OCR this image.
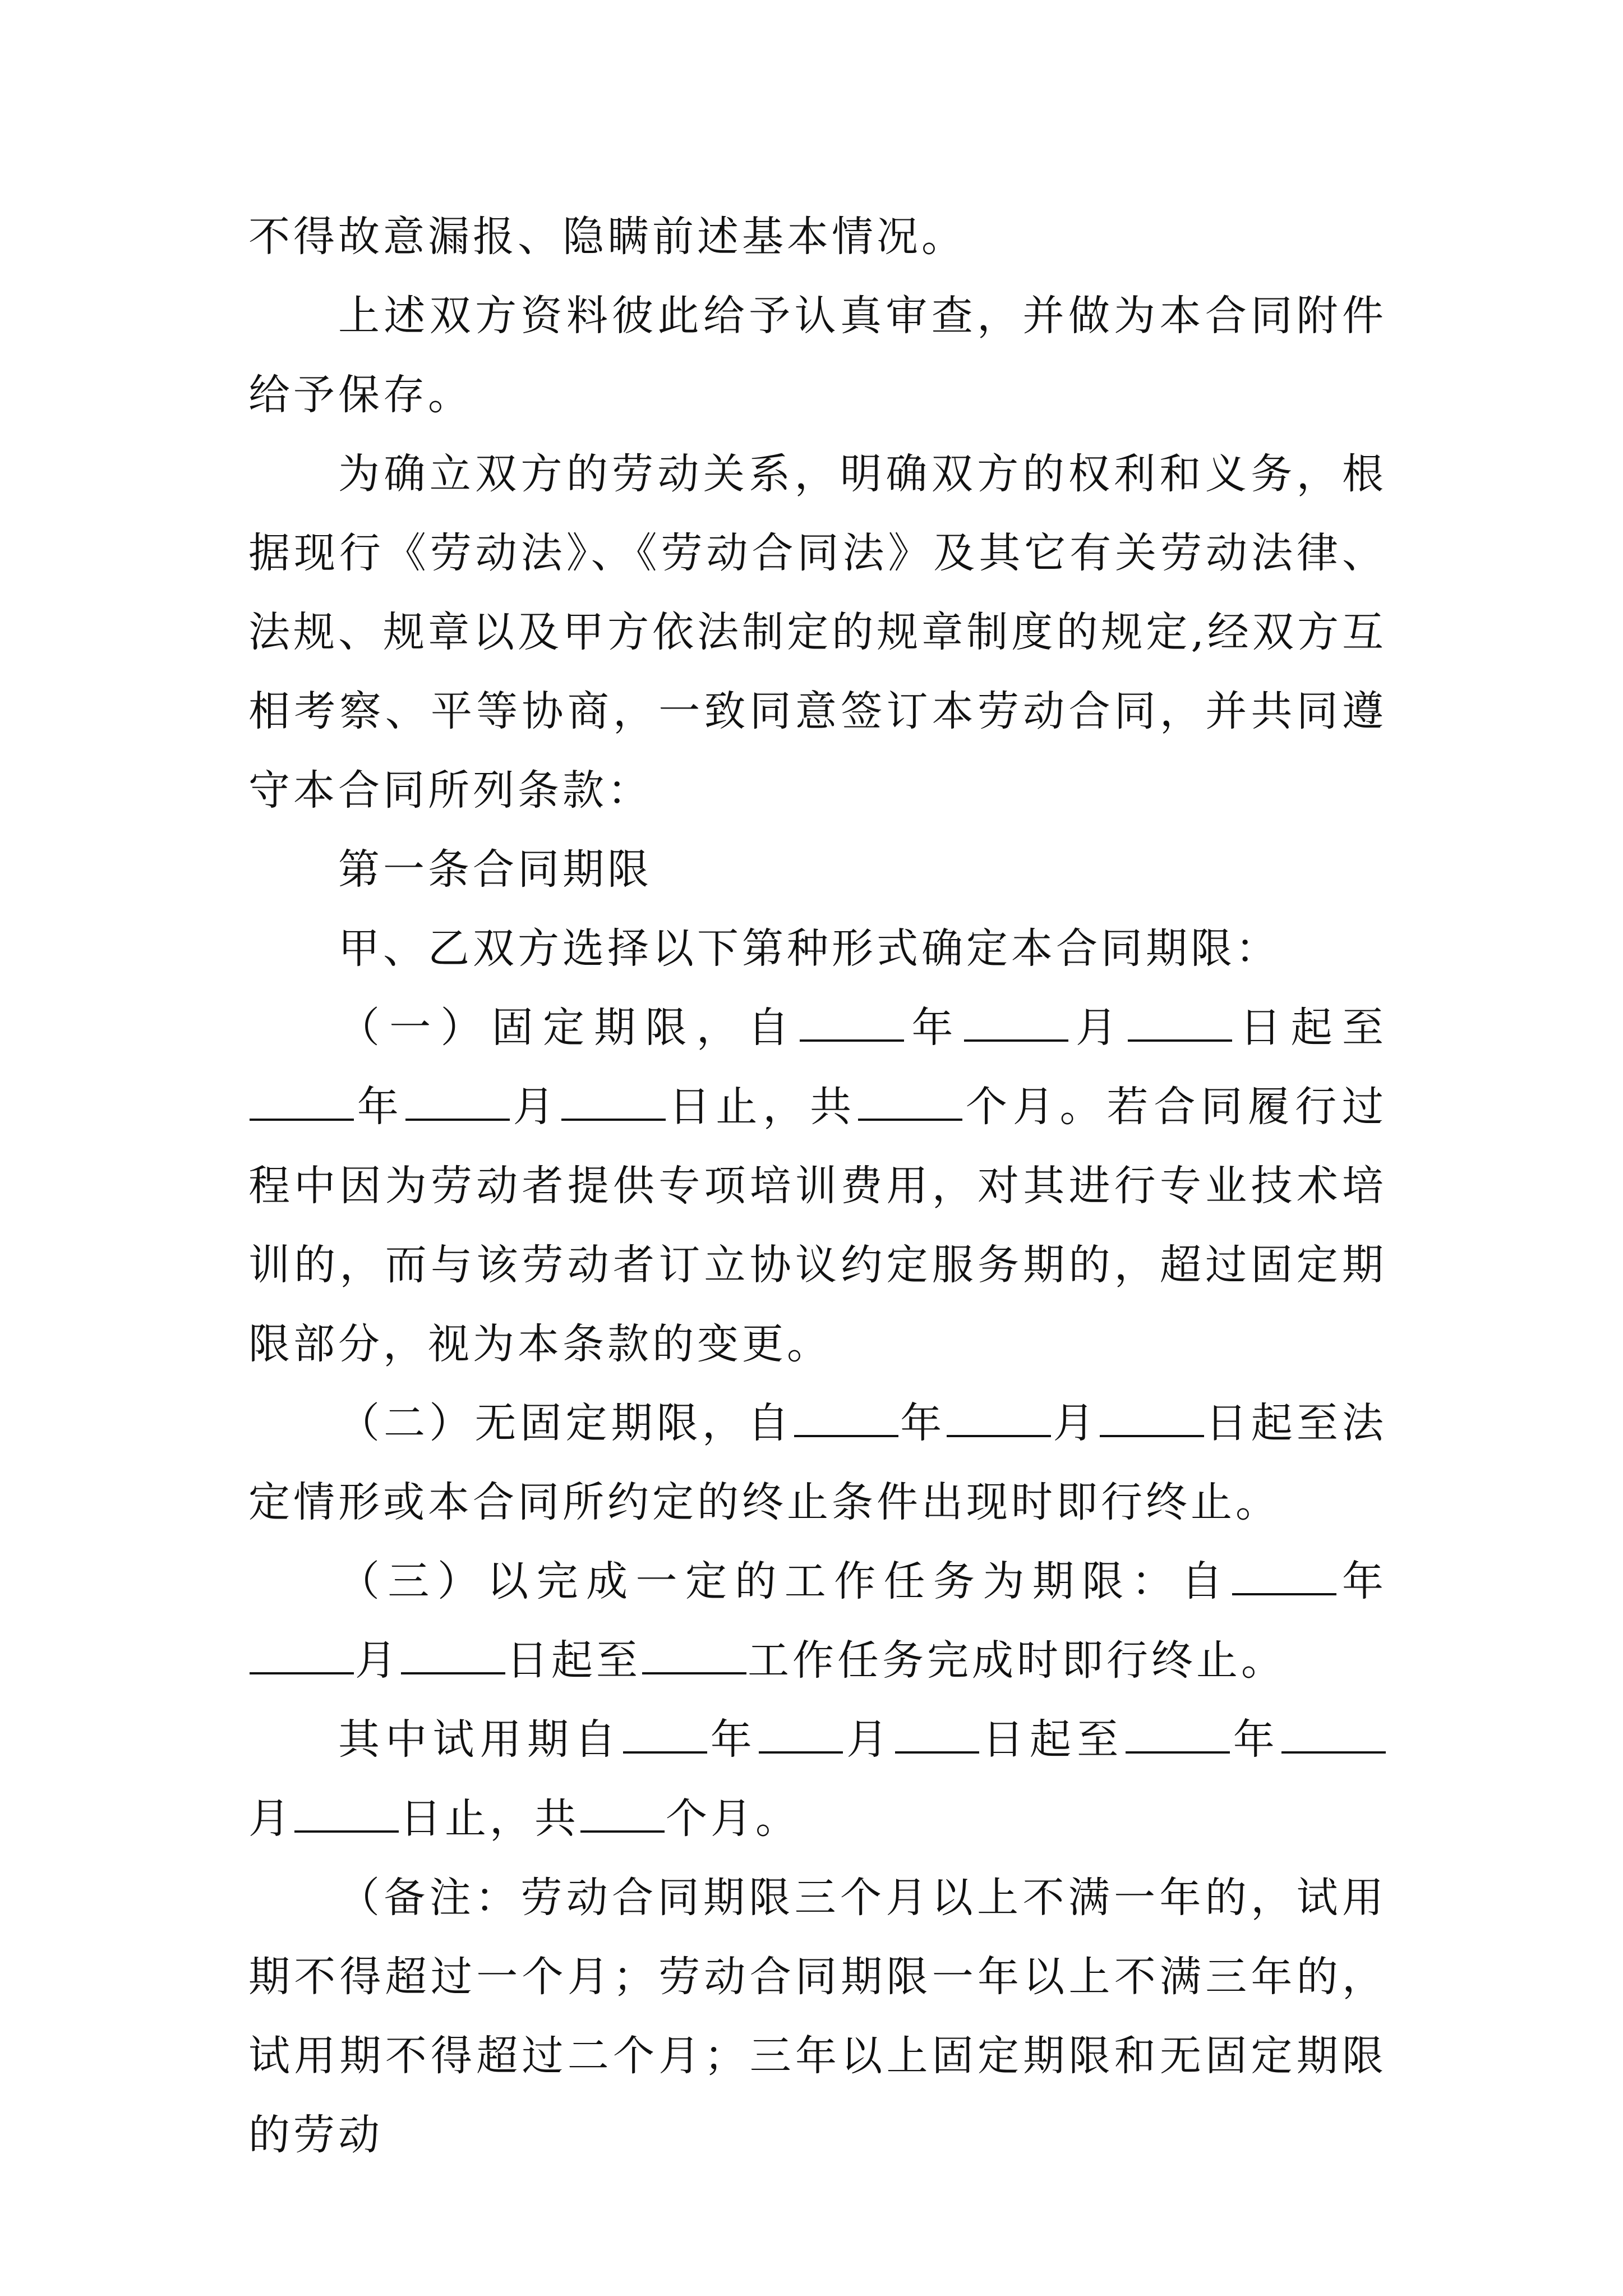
不得故意漏报、隐瞒前述基本情况。

上述双方资料彼此给予认真审查，并做为本合同附件给予保存。

为确立双方的劳动关系，明确双方的权利和义务，根据现行《劳动法》、《劳动合同法》及其它有关劳动法律、法规、规章以及甲方依法制定的规章制度的规定,经双方互相考察、平等协商，一致同意签订本劳动合同，并共同遵守本合同所列条款：

第一条合同期限

甲、乙双方选择以下第种形式确定本合同期限：

（一）固定期限，自	年	月	日起至年	月	日止，共	个月。若合同履行过程中因为劳动者提供专项培训费用，对其进行专业技术培训的，而与该劳动者订立协议约定服务期的，超过固定期限部分，视为本条款的变更。

（二）无固定期限，自	年	月	日起至法定情形或本合同所约定的终止条件出现时即行终止。

（三）以完成一定的工作任务为期限：自	年月	日起至	工作任务完成时即行终止。

其中试用期自 年 月 日起至	年月	日止，共 个月。

（备注：劳动合同期限三个月以上不满一年的，试用期不得超过一个月；劳动合同期限一年以上不满三年的，试用期不得超过二个月；三年以上固定期限和无固定期限的劳动
